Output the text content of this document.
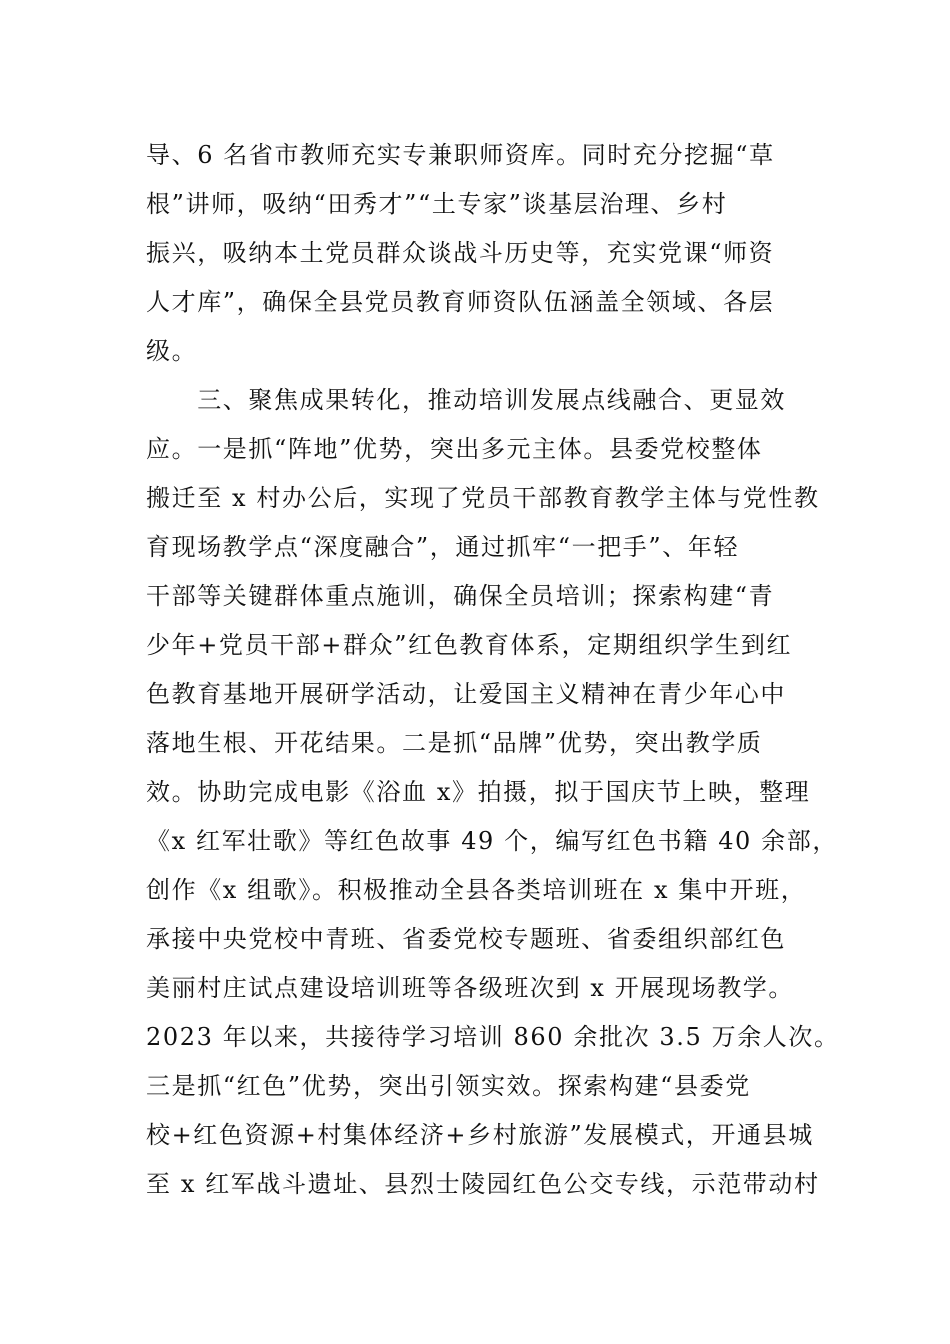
导、6 名省市教师充实专兼职师资库。同时充分挖掘“草
根”讲师，吸纳“田秀才”“土专家”谈基层治理、乡村
振兴，吸纳本土党员群众谈战斗历史等，充实党课“师资
人才库”，确保全县党员教育师资队伍涵盖全领域、各层
级。
　　三、聚焦成果转化，推动培训发展点线融合、更显效
应。一是抓“阵地”优势，突出多元主体。县委党校整体
搬迁至 x 村办公后，实现了党员干部教育教学主体与党性教
育现场教学点“深度融合”，通过抓牢“一把手”、年轻
干部等关键群体重点施训，确保全员培训；探索构建“青
少年+党员干部+群众”红色教育体系，定期组织学生到红
色教育基地开展研学活动，让爱国主义精神在青少年心中
落地生根、开花结果。二是抓“品牌”优势，突出教学质
效。协助完成电影《浴血 x》拍摄，拟于国庆节上映，整理
《x 红军壮歌》等红色故事 49 个，编写红色书籍 40 余部，
创作《x 组歌》。积极推动全县各类培训班在 x 集中开班，
承接中央党校中青班、省委党校专题班、省委组织部红色
美丽村庄试点建设培训班等各级班次到 x 开展现场教学。
2023 年以来，共接待学习培训 860 余批次 3.5 万余人次。
三是抓“红色”优势，突出引领实效。探索构建“县委党
校+红色资源+村集体经济+乡村旅游”发展模式，开通县城
至 x 红军战斗遗址、县烈士陵园红色公交专线，示范带动村
